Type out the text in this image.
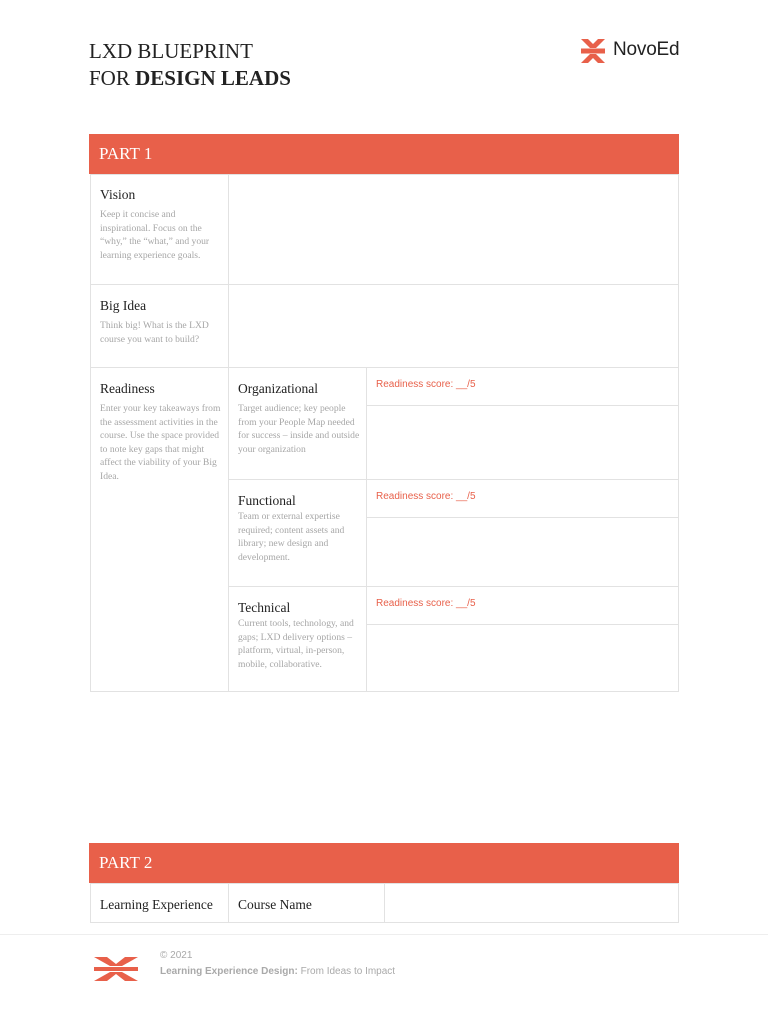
LXD BLUEPRINT
FOR DESIGN LEADS
NovoEd
PART 1
Vision
Keep it concise and inspirational. Focus on the “why,” the “what,” and your learning experience goals.
Big Idea
Think big! What is the LXD course you want to build?
Readiness
Enter your key takeaways from the assessment activities in the course. Use the space provided to note key gaps that might affect the viability of your Big Idea.
Organizational
Target audience; key people from your People Map needed for success – inside and outside your organization
Readiness score: __/5
Functional
Team or external expertise required; content assets and library; new design and development.
Readiness score: __/5
Technical
Current tools, technology, and gaps; LXD delivery options – platform, virtual, in-person, mobile, collaborative.
Readiness score: __/5
PART 2
Learning Experience Course Name
© 2021
Learning Experience Design: From Ideas to Impact
